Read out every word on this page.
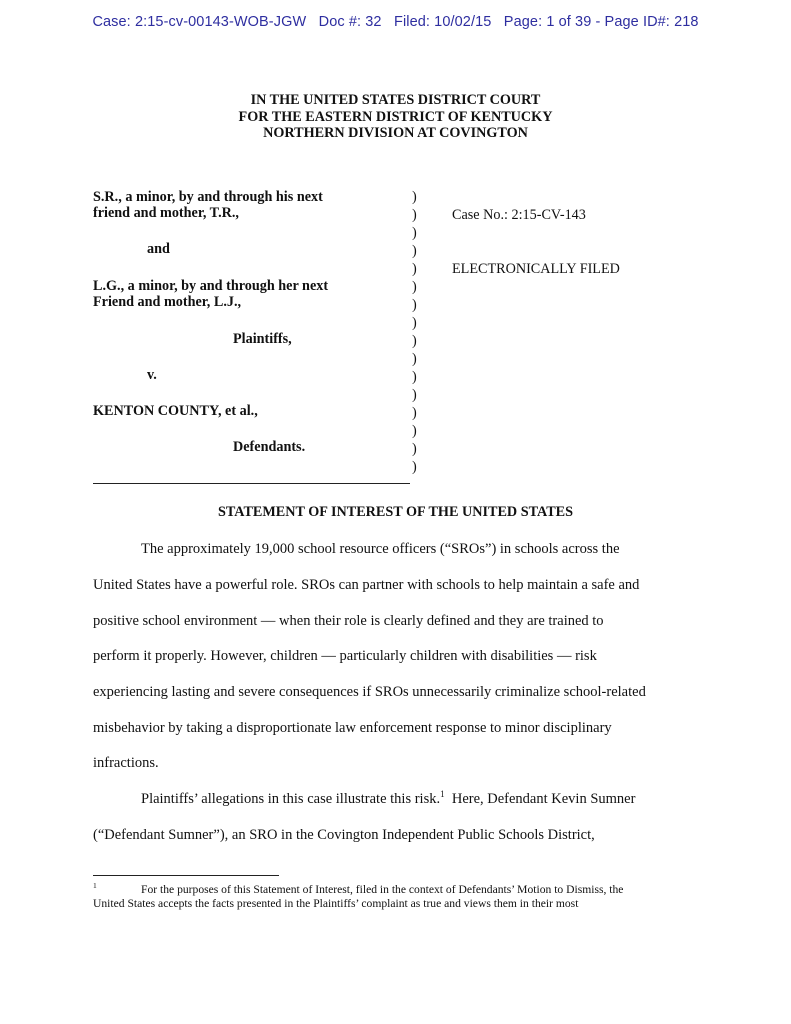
Case: 2:15-cv-00143-WOB-JGW   Doc #: 32   Filed: 10/02/15   Page: 1 of 39 - Page ID#: 218
IN THE UNITED STATES DISTRICT COURT
FOR THE EASTERN DISTRICT OF KENTUCKY
NORTHERN DIVISION AT COVINGTON
S.R., a minor, by and through his next
friend and mother, T.R.,
and
L.G., a minor, by and through her next
Friend and mother, L.J.,
Plaintiffs,
v.
KENTON COUNTY, et al.,
Defendants.
)
)
)
)
)
)
)
)
)
)
)
)
)
)
)
)
Case No.: 2:15-CV-143
ELECTRONICALLY FILED
STATEMENT OF INTEREST OF THE UNITED STATES
The approximately 19,000 school resource officers (“SROs”) in schools across the
United States have a powerful role. SROs can partner with schools to help maintain a safe and
positive school environment — when their role is clearly defined and they are trained to
perform it properly. However, children — particularly children with disabilities — risk
experiencing lasting and severe consequences if SROs unnecessarily criminalize school-related
misbehavior by taking a disproportionate law enforcement response to minor disciplinary
infractions.
Plaintiffs’ allegations in this case illustrate this risk.$^1$ Here, Defendant Kevin Sumner
(“Defendant Sumner”), an SRO in the Covington Independent Public Schools District,
1	For the purposes of this Statement of Interest, filed in the context of Defendants’ Motion to Dismiss, the
United States accepts the facts presented in the Plaintiffs’ complaint as true and views them in their most
